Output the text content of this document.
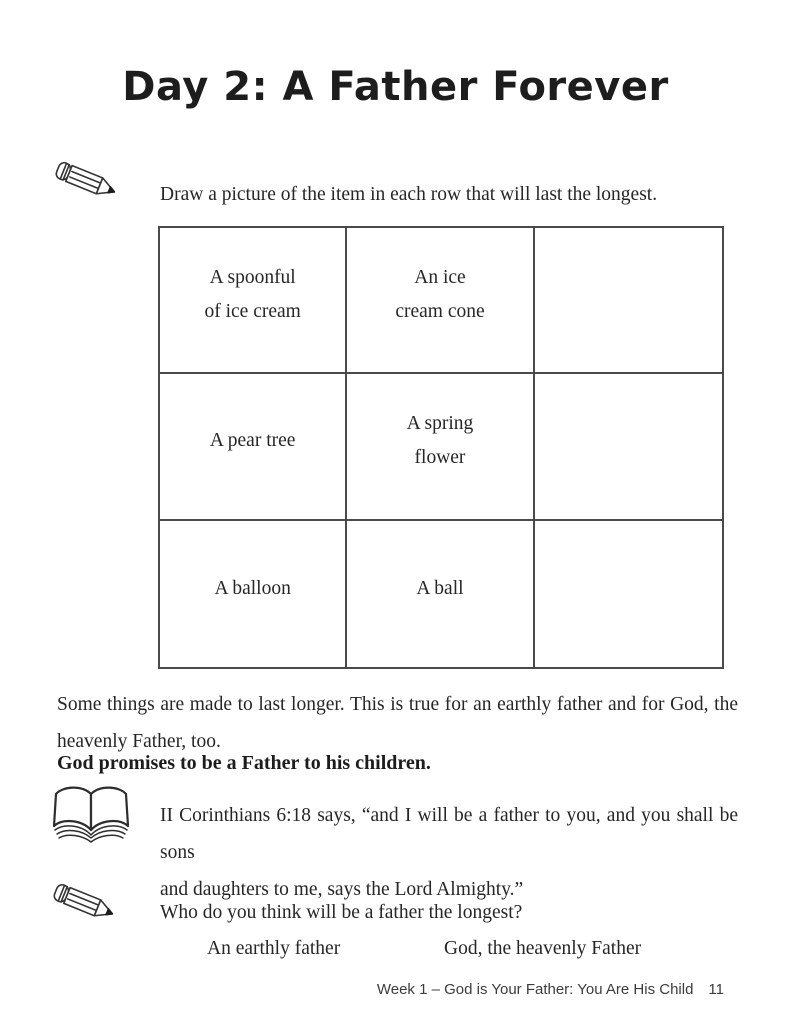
Day 2: A Father Forever
Draw a picture of the item in each row that will last the longest.
A spoonful
of ice cream
An ice
cream cone
A pear tree
A spring
flower
A balloon	A ball
Some things are made to last longer. This is true for an earthly father and for God, the
heavenly Father, too.
God promises to be a Father to his children.
II Corinthians 6:18 says, “and I will be a father to you, and you shall be sons
and daughters to me, says the Lord Almighty.”
Who do you think will be a father the longest?
An earthly father	God, the heavenly Father
Week 1 – God is Your Father: You Are His Child 11
